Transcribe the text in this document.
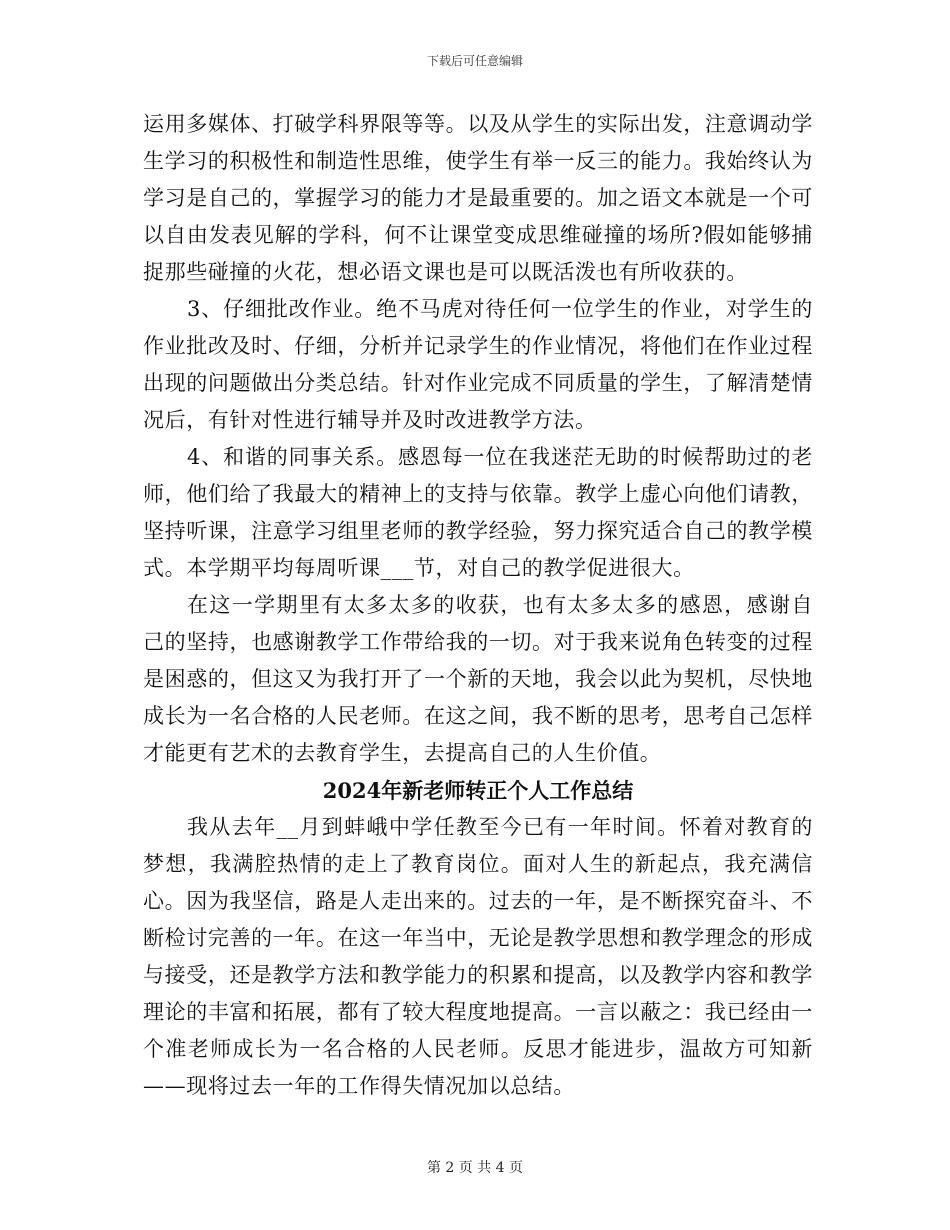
下载后可任意编辑

运用多媒体、打破学科界限等等。以及从学生的实际出发，注意调动学生学习的积极性和制造性思维，使学生有举一反三的能力。我始终认为学习是自己的，掌握学习的能力才是最重要的。加之语文本就是一个可以自由发表见解的学科，何不让课堂变成思维碰撞的场所?假如能够捕捉那些碰撞的火花，想必语文课也是可以既活泼也有所收获的。

3、仔细批改作业。绝不马虎对待任何一位学生的作业，对学生的作业批改及时、仔细，分析并记录学生的作业情况，将他们在作业过程出现的问题做出分类总结。针对作业完成不同质量的学生，了解清楚情况后，有针对性进行辅导并及时改进教学方法。

4、和谐的同事关系。感恩每一位在我迷茫无助的时候帮助过的老师，他们给了我最大的精神上的支持与依靠。教学上虚心向他们请教，坚持听课，注意学习组里老师的教学经验，努力探究适合自己的教学模式。本学期平均每周听课___节，对自己的教学促进很大。

在这一学期里有太多太多的收获，也有太多太多的感恩，感谢自己的坚持，也感谢教学工作带给我的一切。对于我来说角色转变的过程是困惑的，但这又为我打开了一个新的天地，我会以此为契机，尽快地成长为一名合格的人民老师。在这之间，我不断的思考，思考自己怎样才能更有艺术的去教育学生，去提高自己的人生价值。

2024年新老师转正个人工作总结

我从去年__月到蚌峨中学任教至今已有一年时间。怀着对教育的梦想，我满腔热情的走上了教育岗位。面对人生的新起点，我充满信心。因为我坚信，路是人走出来的。过去的一年，是不断探究奋斗、不断检讨完善的一年。在这一年当中，无论是教学思想和教学理念的形成与接受，还是教学方法和教学能力的积累和提高，以及教学内容和教学理论的丰富和拓展，都有了较大程度地提高。一言以蔽之：我已经由一个准老师成长为一名合格的人民老师。反思才能进步，温故方可知新——现将过去一年的工作得失情况加以总结。

第 2 页 共 4 页
